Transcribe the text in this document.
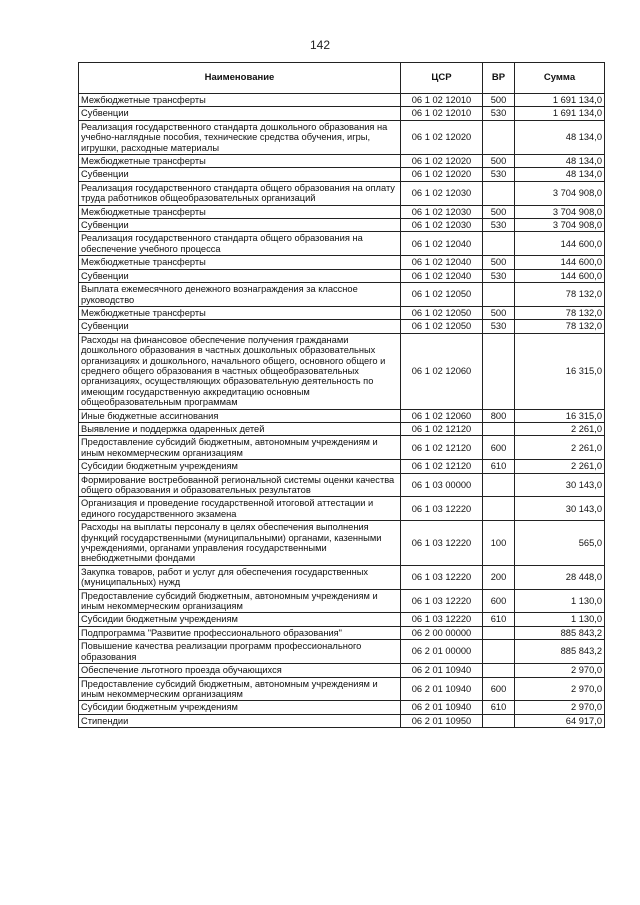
142
Наименование	ЦСР	ВР	Сумма
Межбюджетные трансферты	06 1 02 12010	500	1 691 134,0
Субвенции	06 1 02 12010	530	1 691 134,0
Реализация государственного стандарта дошкольного образования на учебно-наглядные пособия, технические средства обучения, игры, игрушки, расходные материалы	06 1 02 12020		48 134,0
Межбюджетные трансферты	06 1 02 12020	500	48 134,0
Субвенции	06 1 02 12020	530	48 134,0
Реализация государственного стандарта общего образования на оплату труда работников общеобразовательных организаций	06 1 02 12030		3 704 908,0
Межбюджетные трансферты	06 1 02 12030	500	3 704 908,0
Субвенции	06 1 02 12030	530	3 704 908,0
Реализация государственного стандарта общего образования на обеспечение учебного процесса	06 1 02 12040		144 600,0
Межбюджетные трансферты	06 1 02 12040	500	144 600,0
Субвенции	06 1 02 12040	530	144 600,0
Выплата ежемесячного денежного вознаграждения за классное руководство	06 1 02 12050		78 132,0
Межбюджетные трансферты	06 1 02 12050	500	78 132,0
Субвенции	06 1 02 12050	530	78 132,0
Расходы на финансовое обеспечение получения гражданами дошкольного образования в частных дошкольных образовательных организациях и дошкольного, начального общего, основного общего и среднего общего образования в частных общеобразовательных организациях, осуществляющих образовательную деятельность по имеющим государственную аккредитацию основным общеобразовательным программам	06 1 02 12060		16 315,0
Иные бюджетные ассигнования	06 1 02 12060	800	16 315,0
Выявление и поддержка одаренных детей	06 1 02 12120		2 261,0
Предоставление субсидий бюджетным, автономным учреждениям и иным некоммерческим организациям	06 1 02 12120	600	2 261,0
Субсидии бюджетным учреждениям	06 1 02 12120	610	2 261,0
Формирование востребованной региональной системы оценки качества общего образования и образовательных результатов	06 1 03 00000		30 143,0
Организация и проведение государственной итоговой аттестации и единого государственного экзамена	06 1 03 12220		30 143,0
Расходы на выплаты персоналу в целях обеспечения выполнения функций государственными (муниципальными) органами, казенными учреждениями, органами управления государственными внебюджетными фондами	06 1 03 12220	100	565,0
Закупка товаров, работ и услуг для обеспечения государственных (муниципальных) нужд	06 1 03 12220	200	28 448,0
Предоставление субсидий бюджетным, автономным учреждениям и иным некоммерческим организациям	06 1 03 12220	600	1 130,0
Субсидии бюджетным учреждениям	06 1 03 12220	610	1 130,0
Подпрограмма "Развитие профессионального образования"	06 2 00 00000		885 843,2
Повышение качества реализации программ профессионального образования	06 2 01 00000		885 843,2
Обеспечение льготного проезда обучающихся	06 2 01 10940		2 970,0
Предоставление субсидий бюджетным, автономным учреждениям и иным некоммерческим организациям	06 2 01 10940	600	2 970,0
Субсидии бюджетным учреждениям	06 2 01 10940	610	2 970,0
Стипендии	06 2 01 10950		64 917,0
